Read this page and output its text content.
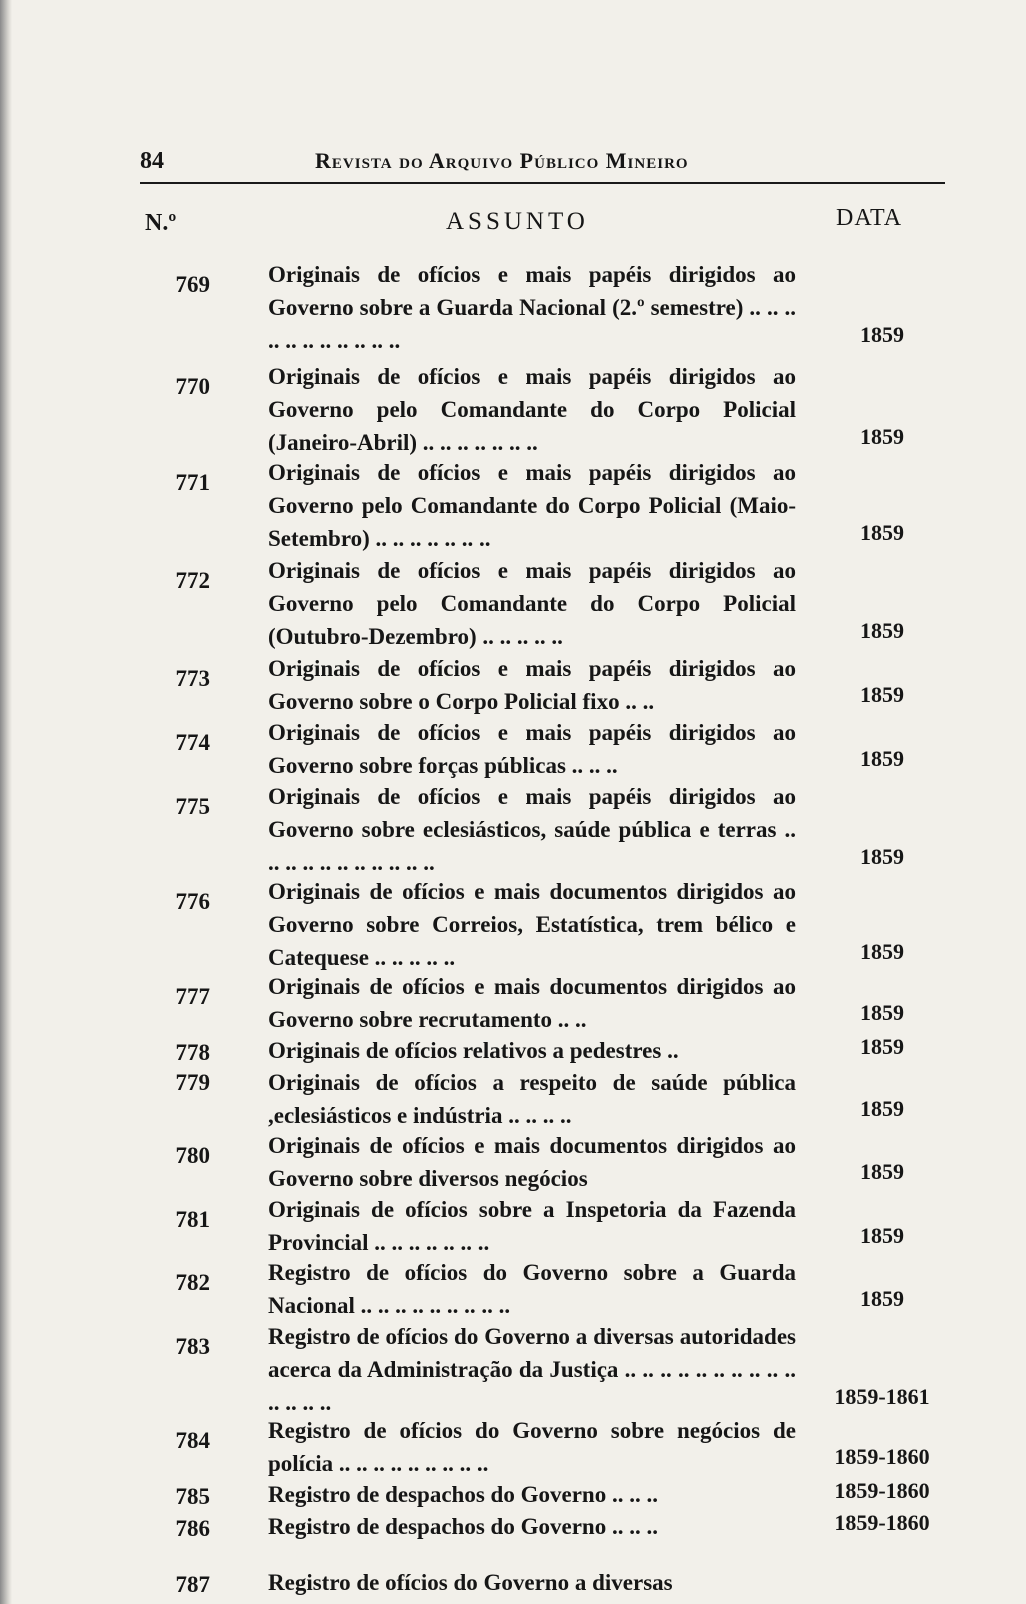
84	Revista do Arquivo Público Mineiro
N.º	ASSUNTO	DATA
769	Originais de ofícios e mais papéis dirigidos ao Governo sobre a Guarda Nacional (2.º semestre) .. .. .. .. .. .. .. .. .. .. ..	1859
770	Originais de ofícios e mais papéis dirigidos ao Governo pelo Comandante do Corpo Policial (Janeiro-Abril) .. .. .. .. .. .. ..	1859
771	Originais de ofícios e mais papéis dirigidos ao Governo pelo Comandante do Corpo Policial (Maio-Setembro) .. .. .. .. .. .. ..	1859
772	Originais de ofícios e mais papéis dirigidos ao Governo pelo Comandante do Corpo Policial (Outubro-Dezembro) .. .. .. .. ..	1859
773	Originais de ofícios e mais papéis dirigidos ao Governo sobre o Corpo Policial fixo .. ..	1859
774	Originais de ofícios e mais papéis dirigidos ao Governo sobre forças públicas .. .. ..	1859
775	Originais de ofícios e mais papéis dirigidos ao Governo sobre eclesiásticos, saúde pública e terras .. .. .. .. .. .. .. .. .. .. ..	1859
776	Originais de ofícios e mais documentos dirigidos ao Governo sobre Correios, Estatística, trem bélico e Catequese .. .. .. .. ..	1859
777	Originais de ofícios e mais documentos dirigidos ao Governo sobre recrutamento .. ..	1859
778	Originais de ofícios relativos a pedestres ..	1859
779	Originais de ofícios a respeito de saúde pública ,eclesiásticos e indústria .. .. .. ..	1859
780	Originais de ofícios e mais documentos dirigidos ao Governo sobre diversos negócios	1859
781	Originais de ofícios sobre a Inspetoria da Fazenda Provincial .. .. .. .. .. .. ..	1859
782	Registro de ofícios do Governo sobre a Guarda Nacional .. .. .. .. .. .. .. .. ..	1859
783	Registro de ofícios do Governo a diversas autoridades acerca da Administração da Justiça .. .. .. .. .. .. .. .. .. .. .. .. .. ..	1859-1861
784	Registro de ofícios do Governo sobre negócios de polícia .. .. .. .. .. .. .. .. ..	1859-1860
785	Registro de despachos do Governo .. .. ..	1859-1860
786	Registro de despachos do Governo .. .. ..	1859-1860
787	Registro de ofícios do Governo a diversas
